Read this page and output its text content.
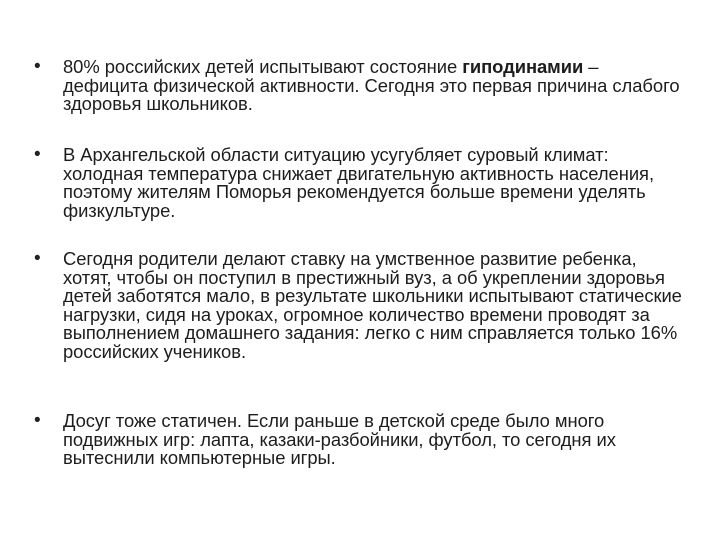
• 80% российских детей испытывают состояние гиподинамии – дефицита физической активности. Сегодня это первая причина слабого здоровья школьников.
• В Архангельской области ситуацию усугубляет суровый климат: холодная температура снижает двигательную активность населения, поэтому жителям Поморья рекомендуется больше времени уделять физкультуре.
• Сегодня родители делают ставку на умственное развитие ребенка, хотят, чтобы он поступил в престижный вуз, а об укреплении здоровья детей заботятся мало, в результате школьники испытывают статические нагрузки, сидя на уроках, огромное количество времени проводят за выполнением домашнего задания: легко с ним справляется только 16% российских учеников.
• Досуг тоже статичен. Если раньше в детской среде было много подвижных игр: лапта, казаки-разбойники, футбол, то сегодня их вытеснили компьютерные игры.
